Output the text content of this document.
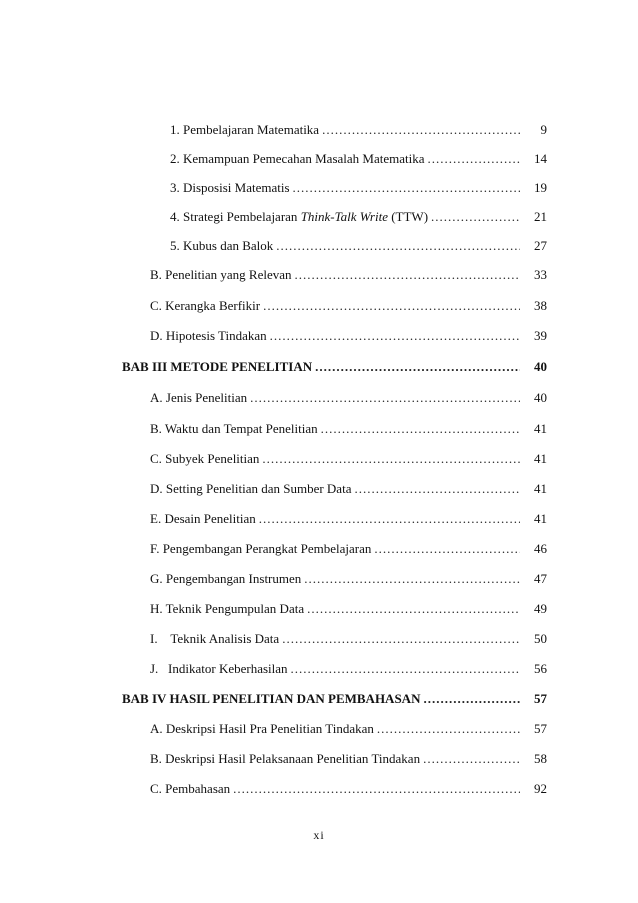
1. Pembelajaran Matematika .....	9
2. Kemampuan Pemecahan Masalah Matematika .....	14
3. Disposisi Matematis .....	19
4. Strategi Pembelajaran Think-Talk Write (TTW) .....	21
5. Kubus dan Balok .....	27
B. Penelitian yang Relevan .....	33
C. Kerangka Berfikir .....	38
D. Hipotesis Tindakan .....	39
BAB III METODE PENELITIAN .....	40
A. Jenis Penelitian .....	40
B. Waktu dan Tempat Penelitian .....	41
C. Subyek Penelitian .....	41
D. Setting Penelitian dan Sumber Data .....	41
E. Desain Penelitian .....	41
F. Pengembangan Perangkat Pembelajaran .....	46
G. Pengembangan Instrumen .....	47
H. Teknik Pengumpulan Data .....	49
I.    Teknik Analisis Data .....	50
J.   Indikator Keberhasilan .....	56
BAB IV HASIL PENELITIAN DAN PEMBAHASAN .....	57
A. Deskripsi Hasil Pra Penelitian Tindakan .....	57
B. Deskripsi Hasil Pelaksanaan Penelitian Tindakan .....	58
C. Pembahasan .....	92
xi
